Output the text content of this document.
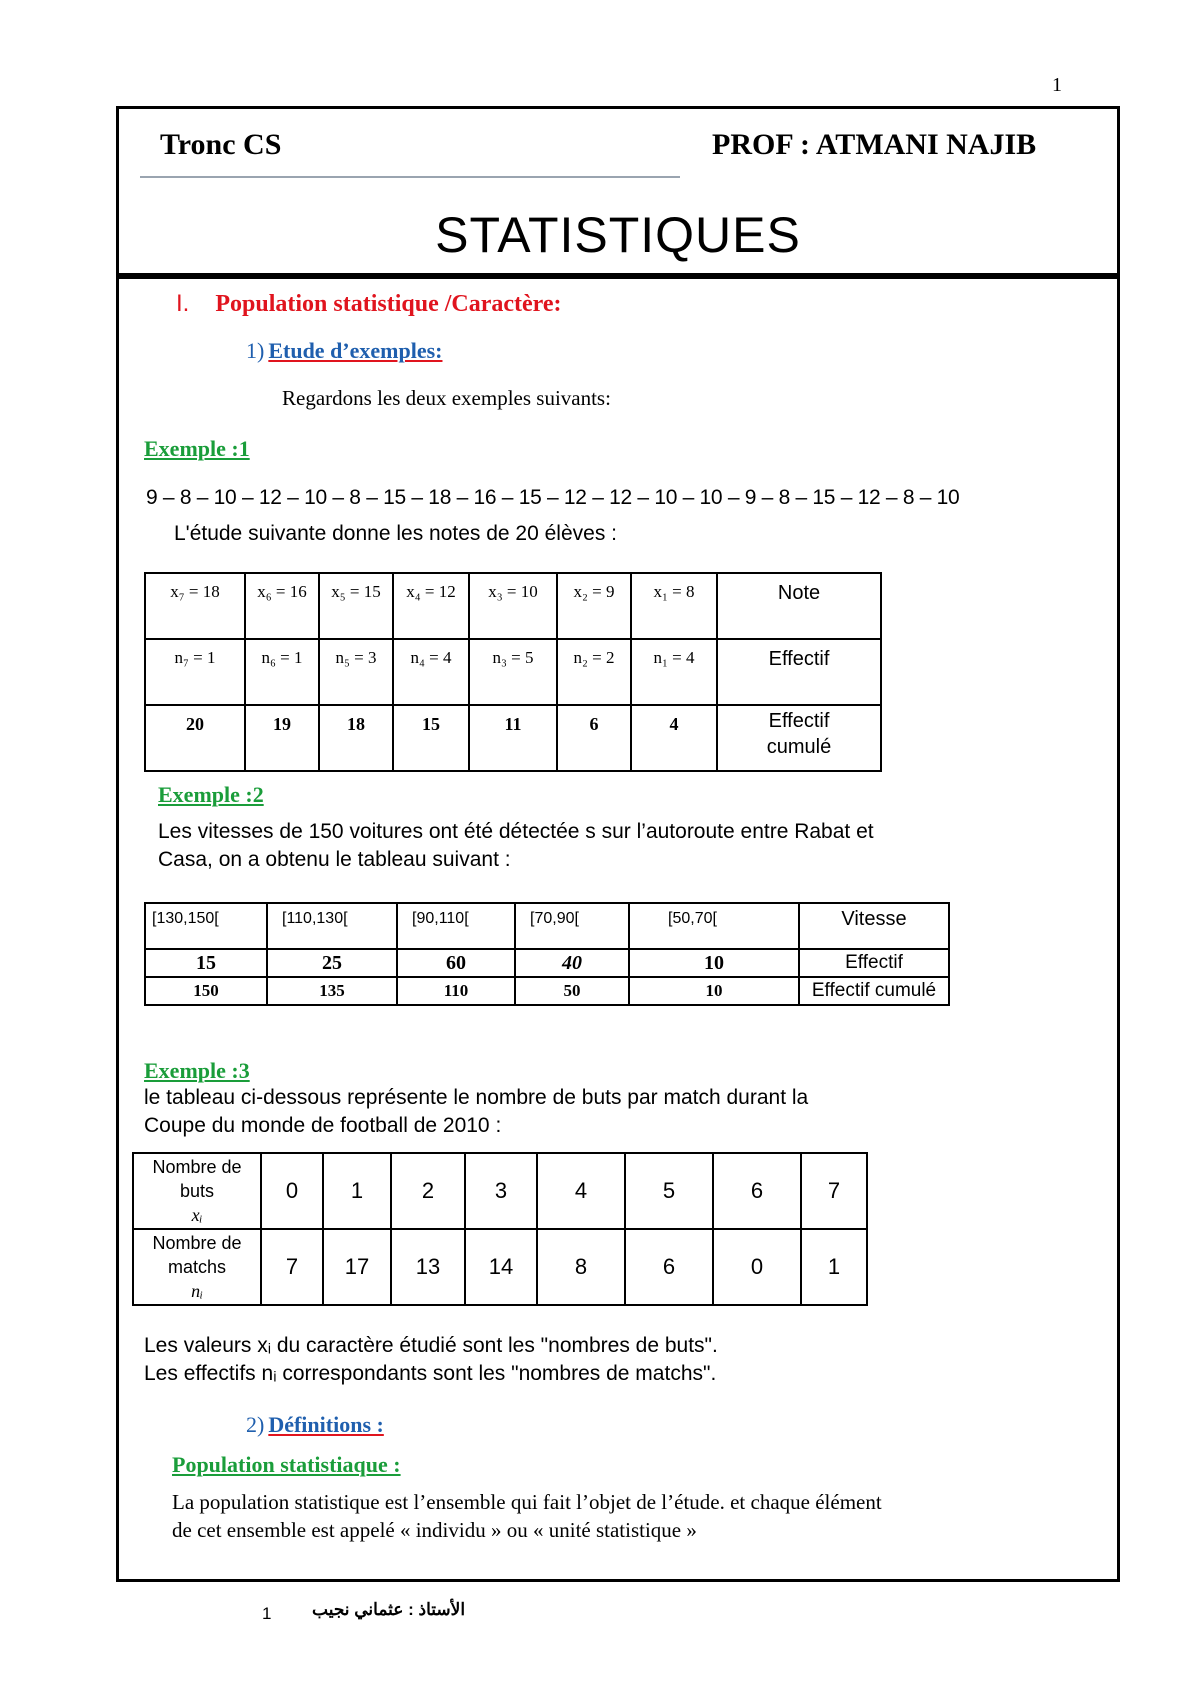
1
Tronc CS	PROF : ATMANI NAJIB
STATISTIQUES
I. Population statistique /Caractère:
1) Etude d’exemples:
Regardons les deux exemples suivants:
Exemple :1
9 – 8 – 10 – 12 – 10 – 8 – 15 – 18 – 16 – 15 – 12 – 12 – 10 – 10 – 9 – 8 – 15 – 12 – 8 – 10
L'étude suivante donne les notes de 20 élèves :
x₇ = 18	x₆ = 16	x₅ = 15	x₄ = 12	x₃ = 10	x₂ = 9	x₁ = 8	Note
n₇ = 1	n₆ = 1	n₅ = 3	n₄ = 4	n₃ = 5	n₂ = 2	n₁ = 4	Effectif
20	19	18	15	11	6	4	Effectif
cumulé
Exemple :2
Les vitesses de 150 voitures ont été détectée s sur l’autoroute entre Rabat et
Casa, on a obtenu le tableau suivant :
[130,150[	[110,130[	[90,110[	[70,90[	[50,70[	Vitesse
15	25	60	40	10	Effectif
150	135	110	50	10	Effectif cumulé
Exemple :3
le tableau ci-dessous représente le nombre de buts par match durant la
Coupe du monde de football de 2010 :
Nombre de
buts
xᵢ	0	1	2	3	4	5	6	7
Nombre de
matchs
nᵢ	7	17	13	14	8	6	0	1
Les valeurs xᵢ du caractère étudié sont les "nombres de buts".
Les effectifs nᵢ correspondants sont les "nombres de matchs".
2) Définitions :
Population statistiaque :
La population statistique est l’ensemble qui fait l’objet de l’étude. et chaque élément
de cet ensemble est appelé « individu » ou « unité statistique »
1 الأستاذ : عثماني نجيب
